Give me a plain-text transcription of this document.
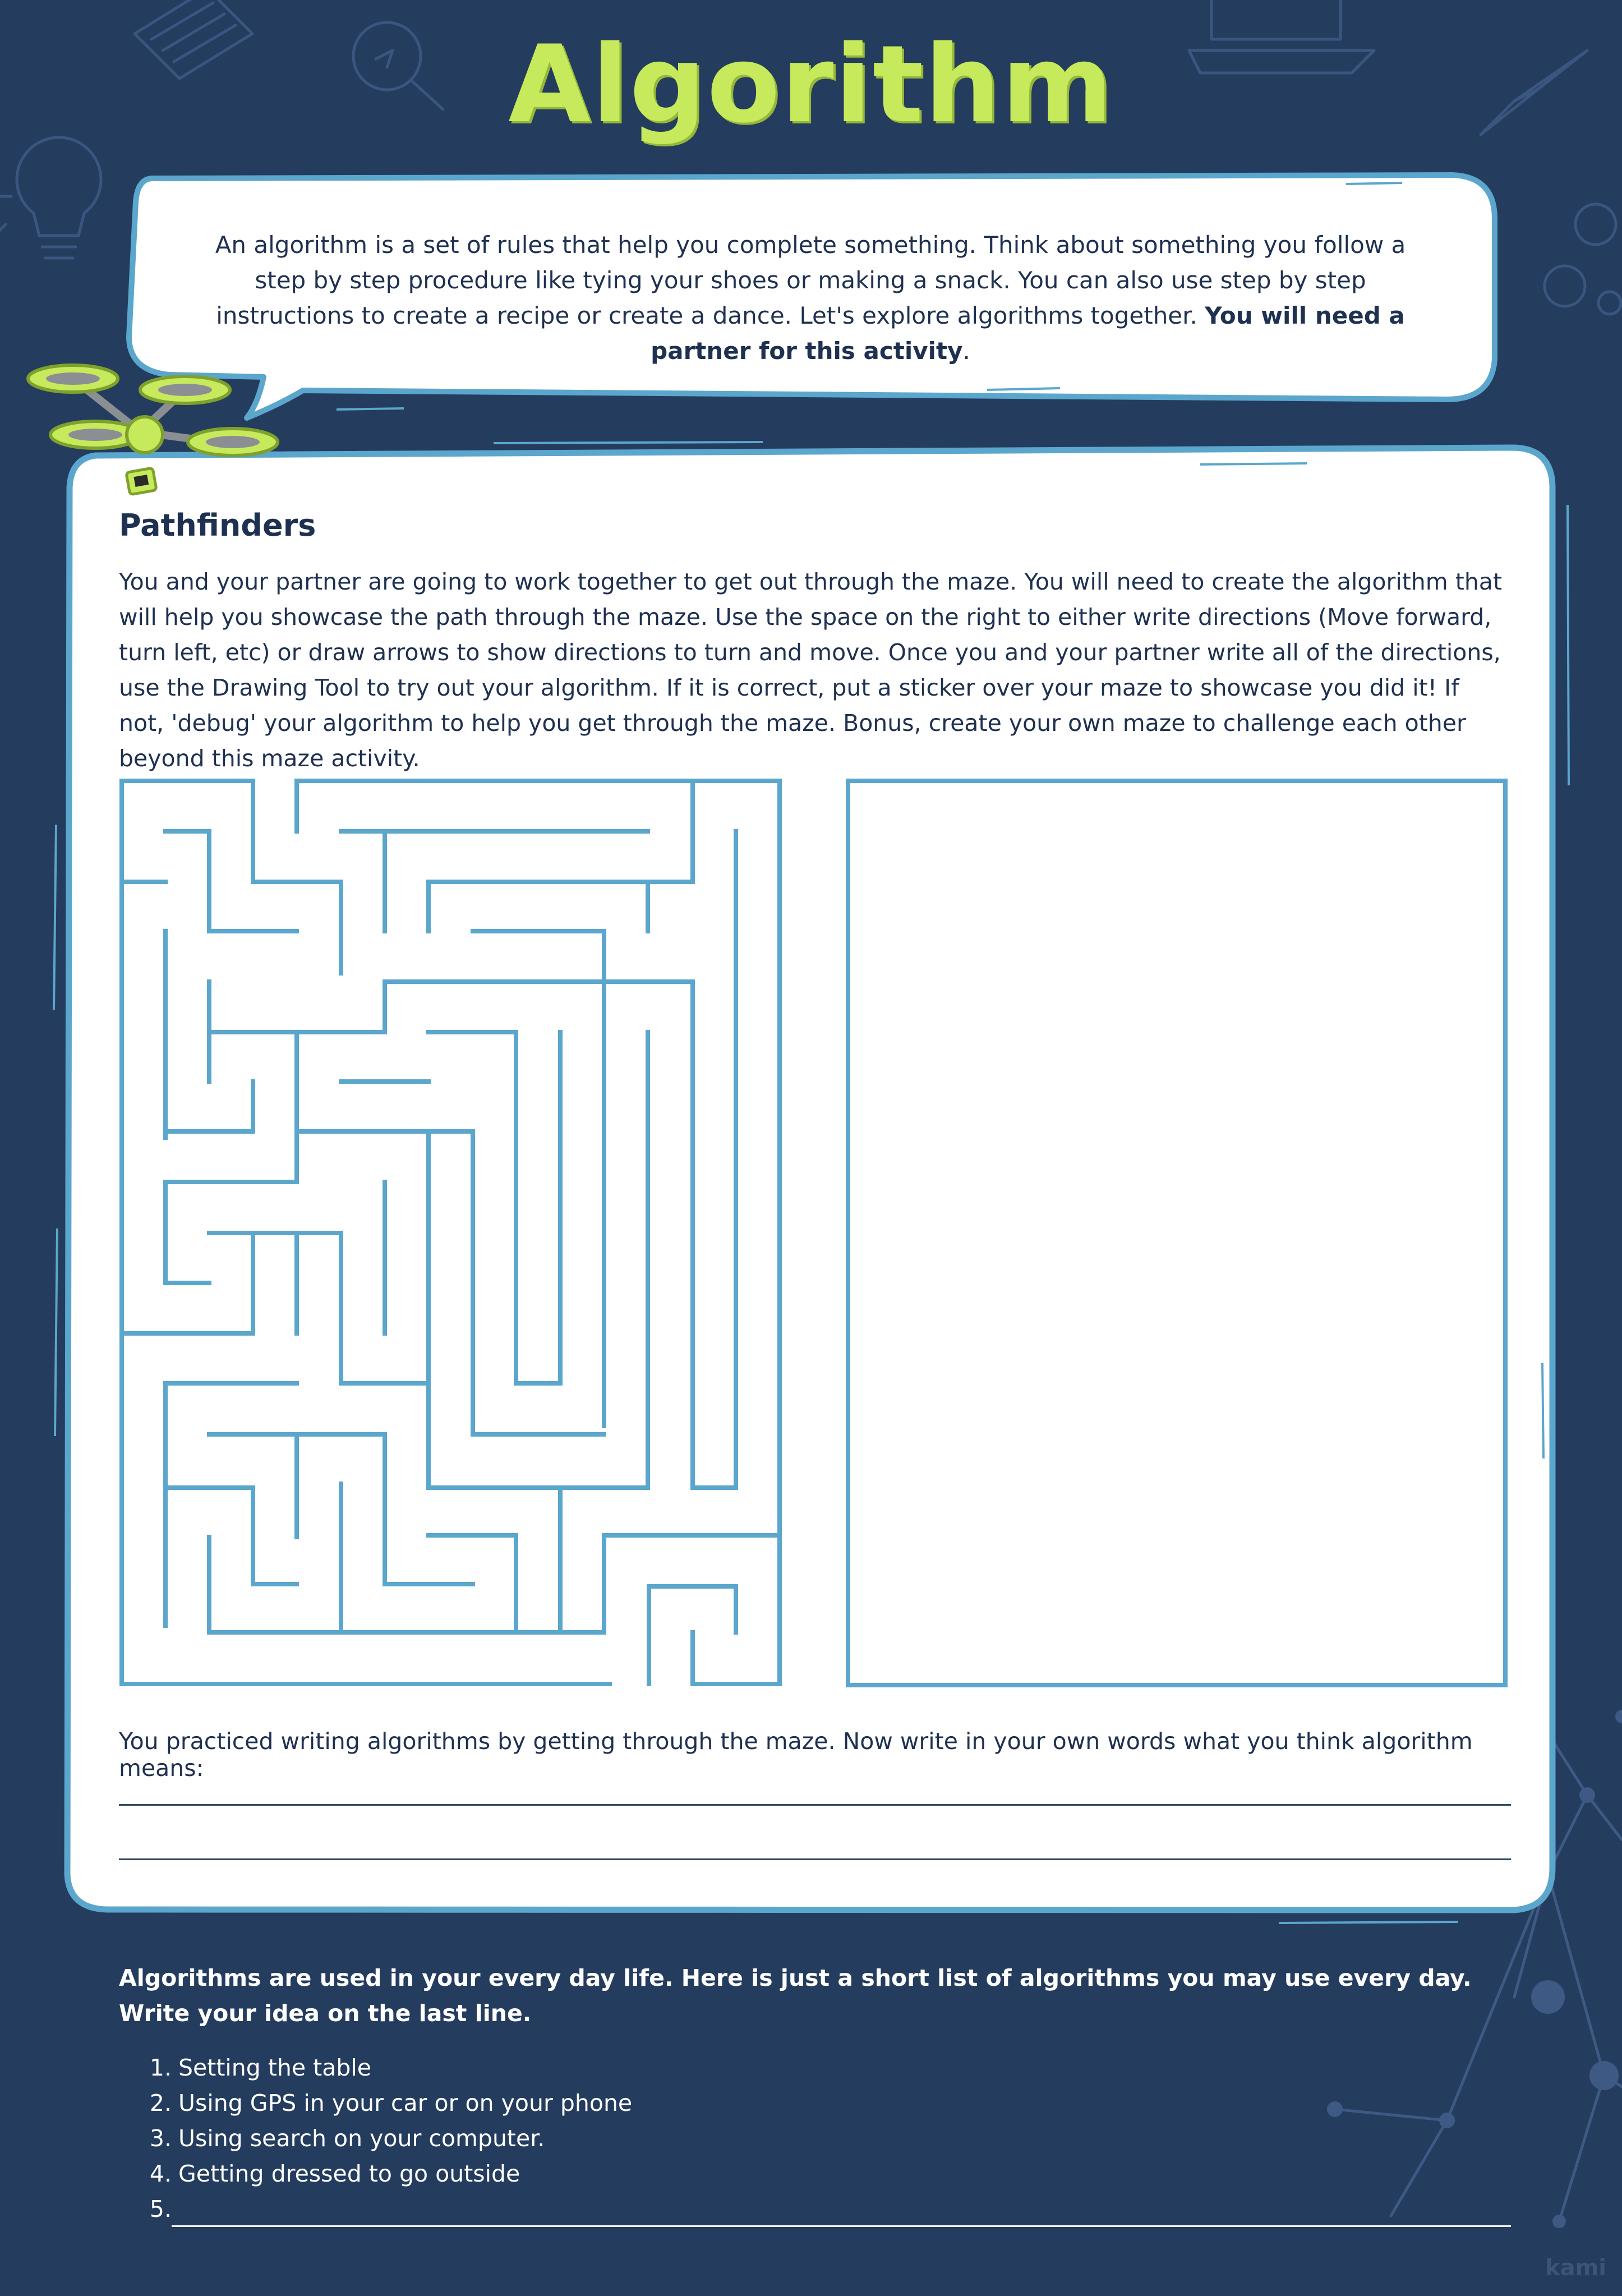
Algorithm
An algorithm is a set of rules that help you complete something. Think about something you follow a step by step procedure like tying your shoes or making a snack. You can also use step by step instructions to create a recipe or create a dance. Let's explore algorithms together. You will need a partner for this activity.
Pathfinders
You and your partner are going to work together to get out through the maze. You will need to create the algorithm that will help you showcase the path through the maze. Use the space on the right to either write directions (Move forward, turn left, etc) or draw arrows to show directions to turn and move. Once you and your partner write all of the directions, use the Drawing Tool to try out your algorithm. If it is correct, put a sticker over your maze to showcase you did it! If not, 'debug' your algorithm to help you get through the maze. Bonus, create your own maze to challenge each other beyond this maze activity.
You practiced writing algorithms by getting through the maze. Now write in your own words what you think algorithm means:
Algorithms are used in your every day life. Here is just a short list of algorithms you may use every day. Write your idea on the last line.
1. Setting the table
2. Using GPS in your car or on your phone
3. Using search on your computer.
4. Getting dressed to go outside
5.
kami
